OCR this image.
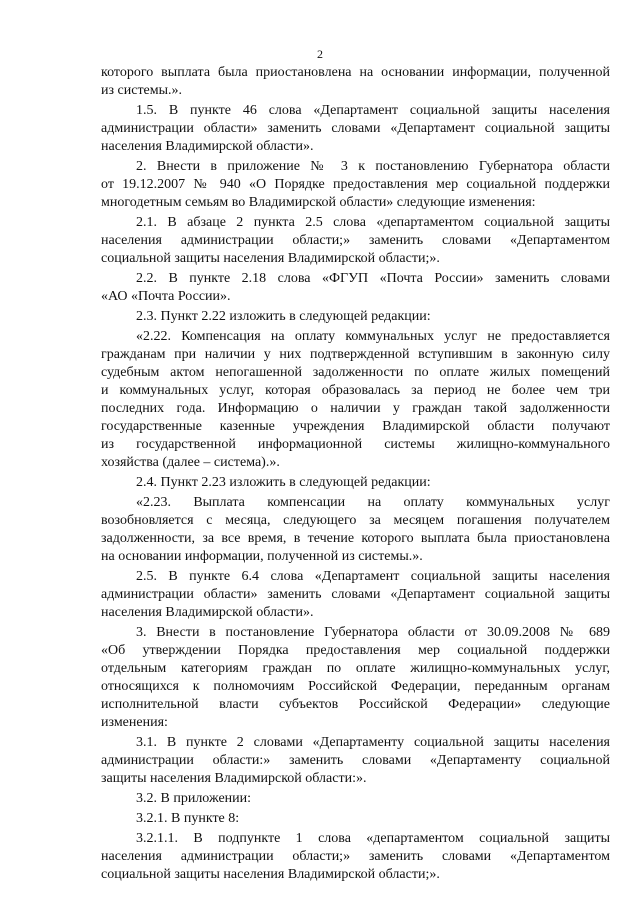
2
которого выплата была приостановлена на основании информации, полученной
из системы.».
1.5. В пункте 46 слова «Департамент социальной защиты населения
администрации области» заменить словами «Департамент социальной защиты
населения Владимирской области».
2. Внести в приложение № 3 к постановлению Губернатора области
от 19.12.2007 № 940 «О Порядке предоставления мер социальной поддержки
многодетным семьям во Владимирской области» следующие изменения:
2.1. В абзаце 2 пункта 2.5 слова «департаментом социальной защиты
населения администрации области;» заменить словами «Департаментом
социальной защиты населения Владимирской области;».
2.2. В пункте 2.18 слова «ФГУП «Почта России» заменить словами
«АО «Почта России».
2.3. Пункт 2.22 изложить в следующей редакции:
«2.22. Компенсация на оплату коммунальных услуг не предоставляется
гражданам при наличии у них подтвержденной вступившим в законную силу
судебным актом непогашенной задолженности по оплате жилых помещений
и коммунальных услуг, которая образовалась за период не более чем три
последних года. Информацию о наличии у граждан такой задолженности
государственные казенные учреждения Владимирской области получают
из государственной информационной системы жилищно-коммунального
хозяйства (далее – система).».
2.4. Пункт 2.23 изложить в следующей редакции:
«2.23. Выплата компенсации на оплату коммунальных услуг
возобновляется с месяца, следующего за месяцем погашения получателем
задолженности, за все время, в течение которого выплата была приостановлена
на основании информации, полученной из системы.».
2.5. В пункте 6.4 слова «Департамент социальной защиты населения
администрации области» заменить словами «Департамент социальной защиты
населения Владимирской области».
3. Внести в постановление Губернатора области от 30.09.2008 № 689
«Об утверждении Порядка предоставления мер социальной поддержки
отдельным категориям граждан по оплате жилищно-коммунальных услуг,
относящихся к полномочиям Российской Федерации, переданным органам
исполнительной власти субъектов Российской Федерации» следующие
изменения:
3.1. В пункте 2 словами «Департаменту социальной защиты населения
администрации области:» заменить словами «Департаменту социальной
защиты населения Владимирской области:».
3.2. В приложении:
3.2.1. В пункте 8:
3.2.1.1. В подпункте 1 слова «департаментом социальной защиты
населения администрации области;» заменить словами «Департаментом
социальной защиты населения Владимирской области;».
